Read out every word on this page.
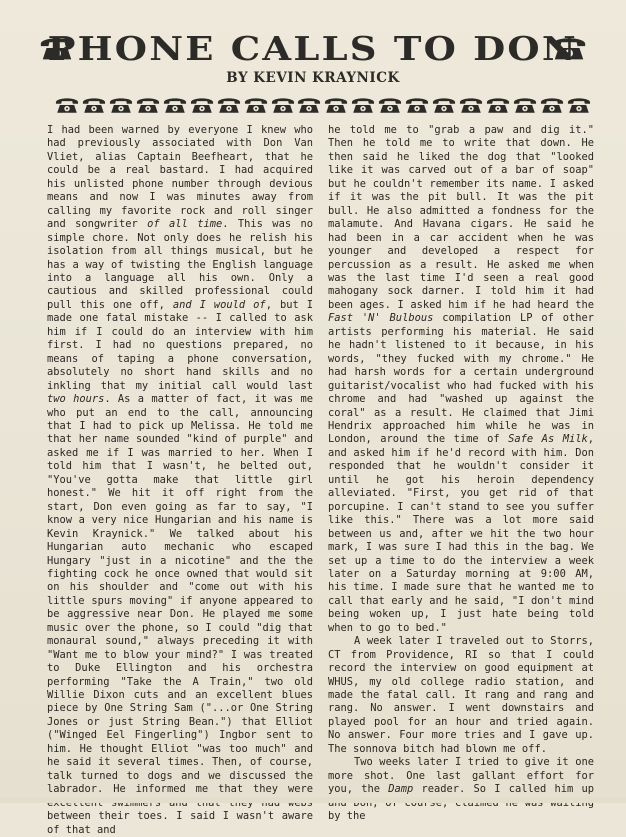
PHONE CALLS TO DON
BY KEVIN KRAYNICK

I had been warned by everyone I knew who had previously associated with Don Van Vliet, alias Captain Beefheart, that he could be a real bastard. I had acquired his unlisted phone number through devious means and now I was minutes away from calling my favorite rock and roll singer and songwriter of all time. This was no simple chore. Not only does he relish his isolation from all things musical, but he has a way of twisting the English language into a language all his own. Only a cautious and skilled professional could pull this one off, and I would of, but I made one fatal mistake -- I called to ask him if I could do an interview with him first. I had no questions prepared, no means of taping a phone conversation, absolutely no short hand skills and no inkling that my initial call would last two hours. As a matter of fact, it was me who put an end to the call, announcing that I had to pick up Melissa. He told me that her name sounded "kind of purple" and asked me if I was married to her. When I told him that I wasn't, he belted out, "You've gotta make that little girl honest." We hit it off right from the start, Don even going as far to say, "I know a very nice Hungarian and his name is Kevin Kraynick." We talked about his Hungarian auto mechanic who escaped Hungary "just in a nicotine" and the the fighting cock he once owned that would sit on his shoulder and "come out with his little spurs moving" if anyone appeared to be aggressive near Don. He played me some music over the phone, so I could "dig that monaural sound," always preceding it with "Want me to blow your mind?" I was treated to Duke Ellington and his orchestra performing "Take the A Train," two old Willie Dixon cuts and an excellent blues piece by One String Sam ("...or One String Jones or just String Bean.") that Elliot ("Winged Eel Fingerling") Ingbor sent to him. He thought Elliot "was too much" and he said it several times. Then, of course, talk turned to dogs and we discussed the labrador. He informed me that they were between their toes. I said I wasn't aware of that and

he told me to "grab a paw and dig it." Then he told me to write that down. He then said he liked the dog that "looked like it was carved out of a bar of soap" but he couldn't remember its name. I asked if it was the pit bull. It was the pit bull. He also admitted a fondness for the malamute. And Havana cigars. He said he had been in a car accident when he was younger and developed a respect for percussion as a result. He asked me when was the last time I'd seen a real good mahogany sock darner. I told him it had been ages. I asked him if he had heard the Fast 'N' Bulbous compilation LP of other artists performing his material. He said he hadn't listened to it because, in his words, "they fucked with my chrome." He had harsh words for a certain underground guitarist/vocalist who had fucked with his chrome and had "washed up against the coral" as a result. He claimed that Jimi Hendrix approached him while he was in London, around the time of Safe As Milk, and asked him if he'd record with him. Don responded that he wouldn't consider it until he got his heroin dependency alleviated. "First, you get rid of that porcupine. I can't stand to see you suffer like this." There was a lot more said between us and, after we hit the two hour mark, I was sure I had this in the bag. We set up a time to do the interview a week later on a Saturday morning at 9:00 AM, his time. I made sure that he wanted me to call that early and he said, "I don't mind being woken up, I just hate being told when to go to bed."

A week later I traveled out to Storrs, CT from Providence, RI so that I could record the interview on good equipment at WHUS, my old college radio station, and made the fatal call. It rang and rang and rang. No answer. I went downstairs and played pool for an hour and tried again. No answer. Four more tries and I gave up. The sonnova bitch had blown me off.

Two weeks later I tried to give it one more shot. One last gallant effort for you, the Damp reader. So I called him up by the
